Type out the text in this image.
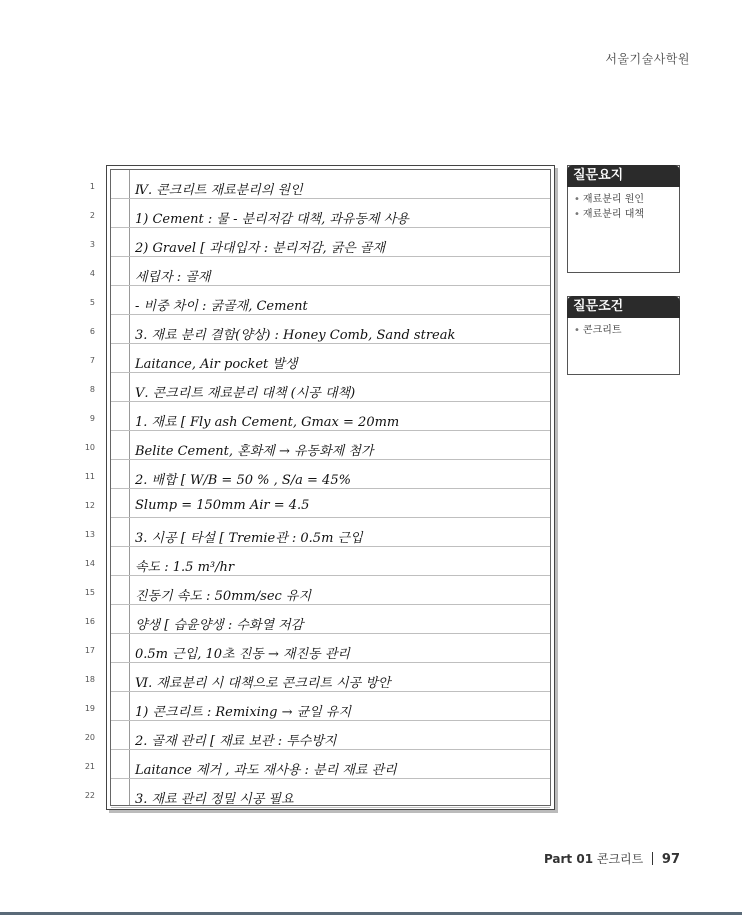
서울기술사학원
1	Ⅳ. 콘크리트 재료분리의 원인
2	1) Cement : 물 - 분리저감 대책, 과유동제 사용
3	2) Gravel [ 과대입자 : 분리저감, 굵은 골재
4	세립자 : 골재
5	- 비중 차이 : 굵골재, Cement
6	3. 재료 분리 결함(양상) : Honey Comb, Sand streak
7	Laitance, Air pocket 발생
8	Ⅴ. 콘크리트 재료분리 대책 (시공 대책)
9	1. 재료 [ Fly ash Cement, Gmax = 20mm
10	Belite Cement, 혼화제 → 유동화제 첨가
11	2. 배합 [ W/B = 50 % , S/a = 45%
12	Slump = 150mm Air = 4.5
13	3. 시공 [ 타설 [ Tremie관 : 0.5m 근입
14	속도 : 1.5 m³/hr
15	진동기 속도 : 50mm/sec 유지
16	양생 [ 습윤양생 : 수화열 저감
17	0.5m 근입, 10초 진동 → 재진동 관리
18	Ⅵ. 재료분리 시 대책으로 콘크리트 시공 방안
19	1) 콘크리트 : Remixing → 균일 유지
20	2. 골재 관리 [ 재료 보관 : 투수방지
21	Laitance 제거 , 과도 재사용 : 분리 재료 관리
22	3. 재료 관리 정밀 시공 필요
질문요지
• 재료분리 원인
• 재료분리 대책
질문조건
• 콘크리트
Part 01 콘크리트 97
